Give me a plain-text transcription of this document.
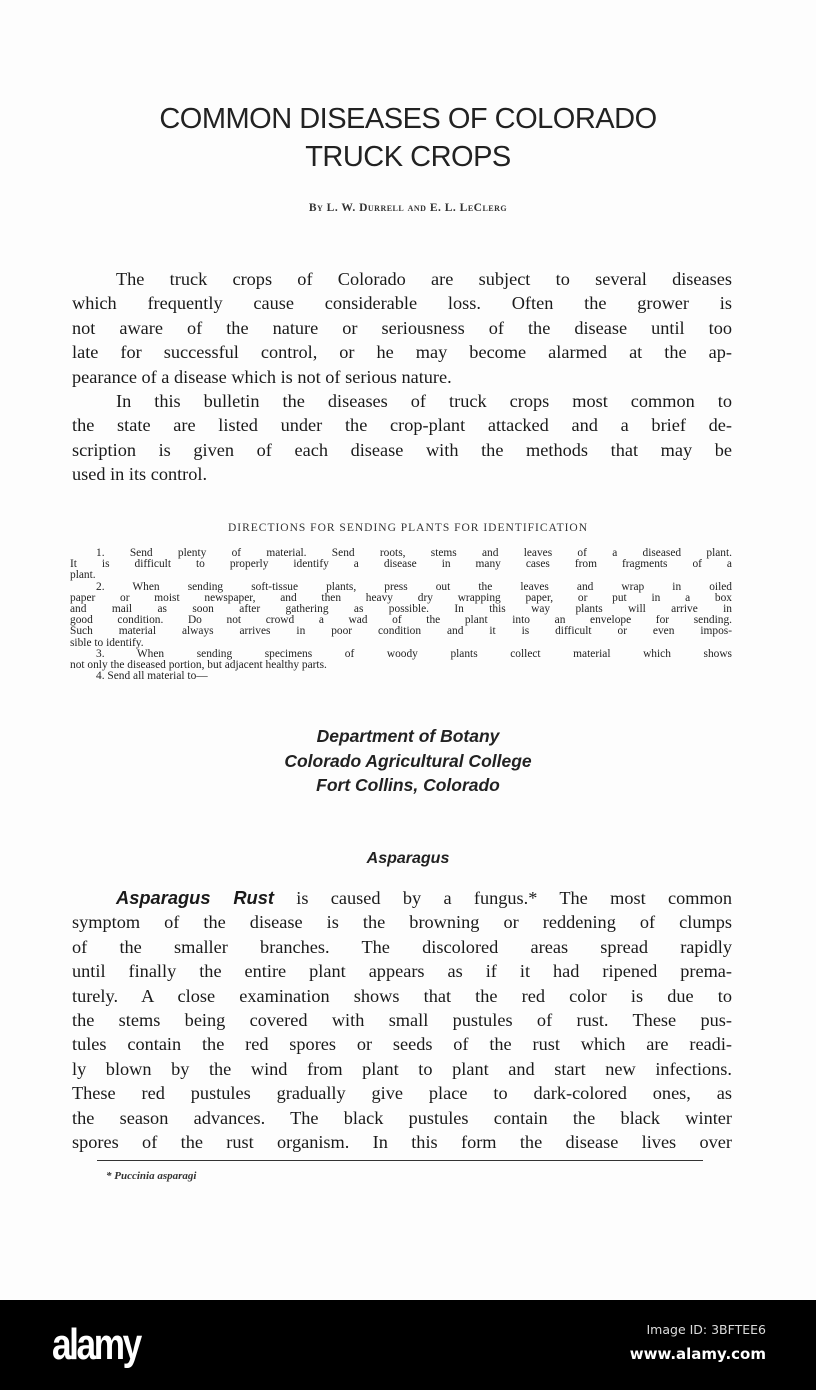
COMMON DISEASES OF COLORADO
TRUCK CROPS
By L. W. Durrell and E. L. LeClerg
The truck crops of Colorado are subject to several diseases
which frequently cause considerable loss. Often the grower is
not aware of the nature or seriousness of the disease until too
late for successful control, or he may become alarmed at the ap-
pearance of a disease which is not of serious nature.
In this bulletin the diseases of truck crops most common to
the state are listed under the crop-plant attacked and a brief de-
scription is given of each disease with the methods that may be
used in its control.
DIRECTIONS FOR SENDING PLANTS FOR IDENTIFICATION
1. Send plenty of material. Send roots, stems and leaves of a diseased plant.
It is difficult to properly identify a disease in many cases from fragments of a
plant.
2. When sending soft-tissue plants, press out the leaves and wrap in oiled
paper or moist newspaper, and then heavy dry wrapping paper, or put in a box
and mail as soon after gathering as possible. In this way plants will arrive in
good condition. Do not crowd a wad of the plant into an envelope for sending.
Such material always arrives in poor condition and it is difficult or even impos-
sible to identify.
3. When sending specimens of woody plants collect material which shows
not only the diseased portion, but adjacent healthy parts.
4. Send all material to—
Department of Botany
Colorado Agricultural College
Fort Collins, Colorado
Asparagus
Asparagus Rust is caused by a fungus.* The most common
symptom of the disease is the browning or reddening of clumps
of the smaller branches. The discolored areas spread rapidly
until finally the entire plant appears as if it had ripened prema-
turely. A close examination shows that the red color is due to
the stems being covered with small pustules of rust. These pus-
tules contain the red spores or seeds of the rust which are readi-
ly blown by the wind from plant to plant and start new infections.
These red pustules gradually give place to dark-colored ones, as
the season advances. The black pustules contain the black winter
spores of the rust organism. In this form the disease lives over
* Puccinia asparagi
alamy	Image ID: 3BFTEE6
www.alamy.com
